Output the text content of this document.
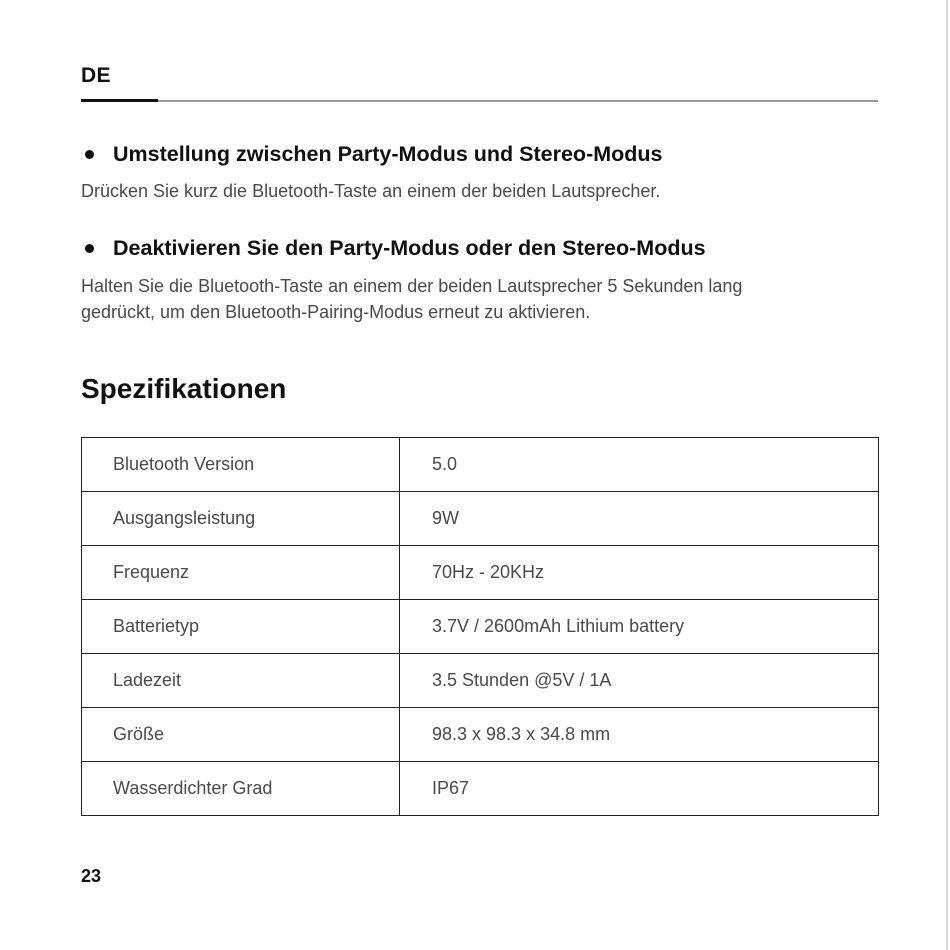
DE
Umstellung zwischen Party-Modus und Stereo-Modus
Drücken Sie kurz die Bluetooth-Taste an einem der beiden Lautsprecher.
Deaktivieren Sie den Party-Modus oder den Stereo-Modus
Halten Sie die Bluetooth-Taste an einem der beiden Lautsprecher 5 Sekunden lang
gedrückt, um den Bluetooth-Pairing-Modus erneut zu aktivieren.
Spezifikationen
Bluetooth Version	5.0
Ausgangsleistung	9W
Frequenz	70Hz - 20KHz
Batterietyp	3.7V / 2600mAh Lithium battery
Ladezeit	3.5 Stunden @5V / 1A
Größe	98.3 x 98.3 x 34.8 mm
Wasserdichter Grad	IP67
23
